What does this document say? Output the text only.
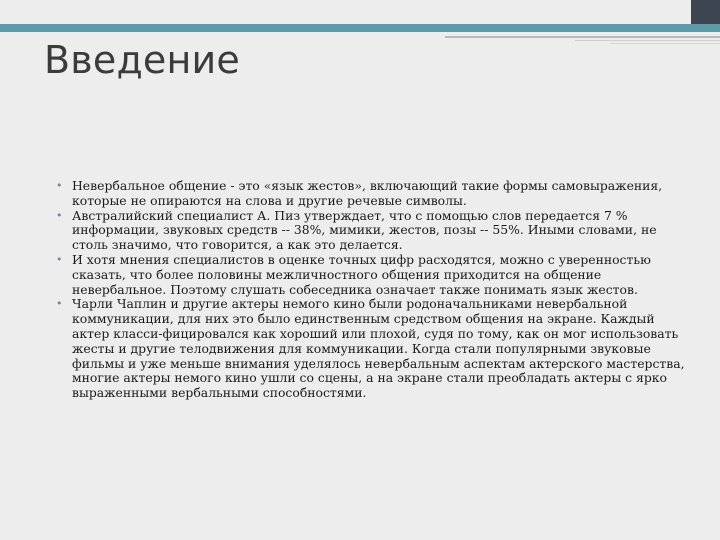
Введение
• Невербальное общение - это «язык жестов», включающий такие формы самовыражения, которые не опираются на слова и другие речевые символы.
• Австралийский специалист А. Пиз утверждает, что с помощью слов передается 7 % информации, звуковых средств -- 38%, мимики, жестов, позы -- 55%. Иными словами, не столь значимо, что говорится, а как это делается.
• И хотя мнения специалистов в оценке точных цифр расходятся, можно с уверенностью сказать, что более половины межличностного общения приходится на общение невербальное. Поэтому слушать собеседника означает также понимать язык жестов.
• Чарли Чаплин и другие актеры немого кино были родоначальниками невербальной коммуникации, для них это было единственным средством общения на экране. Каждый актер класси-фицировался как хороший или плохой, судя по тому, как он мог использовать жесты и другие телодвижения для коммуникации. Когда стали популярными звуковые фильмы и уже меньше внимания уделялось невербальным аспектам актерского мастерства, многие актеры немого кино ушли со сцены, а на экране стали преобладать актеры с ярко выраженными вербальными способностями.
